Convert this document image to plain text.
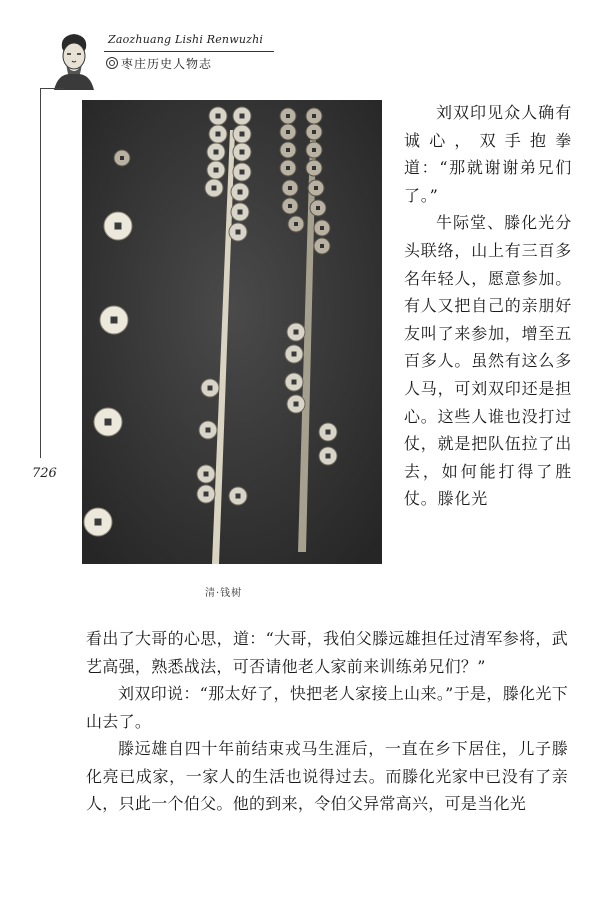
Zaozhuang Lishi Renwuzhi
枣庄历史人物志
726
清·钱树

刘双印见众人确有诚心，双手抱拳道：“那就谢谢弟兄们了。”

牛际堂、滕化光分头联络，山上有三百多名年轻人，愿意参加。有人又把自己的亲朋好友叫了来参加，增至五百多人。虽然有这么多人马，可刘双印还是担心。这些人谁也没打过仗，就是把队伍拉了出去，如何能打得了胜仗。滕化光

看出了大哥的心思，道：“大哥，我伯父滕远雄担任过清军参将，武艺高强，熟悉战法，可否请他老人家前来训练弟兄们？”

刘双印说：“那太好了，快把老人家接上山来。”于是，滕化光下山去了。

滕远雄自四十年前结束戎马生涯后，一直在乡下居住，儿子滕化亮已成家，一家人的生活也说得过去。而滕化光家中已没有了亲人，只此一个伯父。他的到来，令伯父异常高兴，可是当化光
